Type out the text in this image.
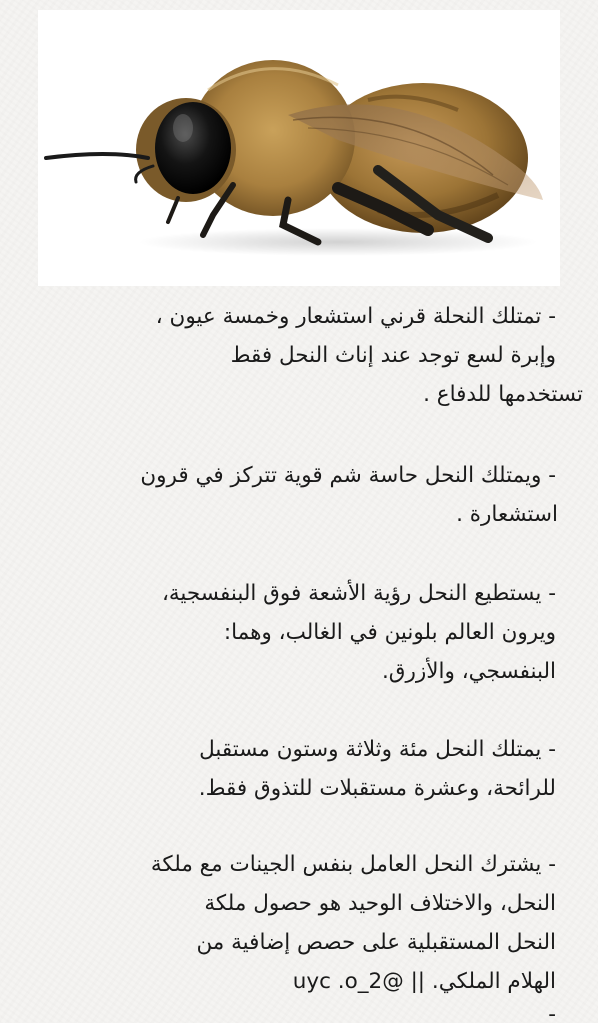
- تمتلك النحلة قرني استشعار وخمسة عيون ،
وإبرة لسع توجد عند إناث النحل فقط
تستخدمها للدفاع .
- ويمتلك النحل حاسة شم قوية تتركز في قرون
استشعارة .
- يستطيع النحل رؤية الأشعة فوق البنفسجية،
ويرون العالم بلونين في الغالب، وهما:
البنفسجي، والأزرق.
- يمتلك النحل مئة وثلاثة وستون مستقبل
للرائحة، وعشرة مستقبلات للتذوق فقط.
- يشترك النحل العامل بنفس الجينات مع ملكة
النحل، والاختلاف الوحيد هو حصول ملكة
النحل المستقبلية على حصص إضافية من
الهلام الملكي. || @2_uyc .o
-
